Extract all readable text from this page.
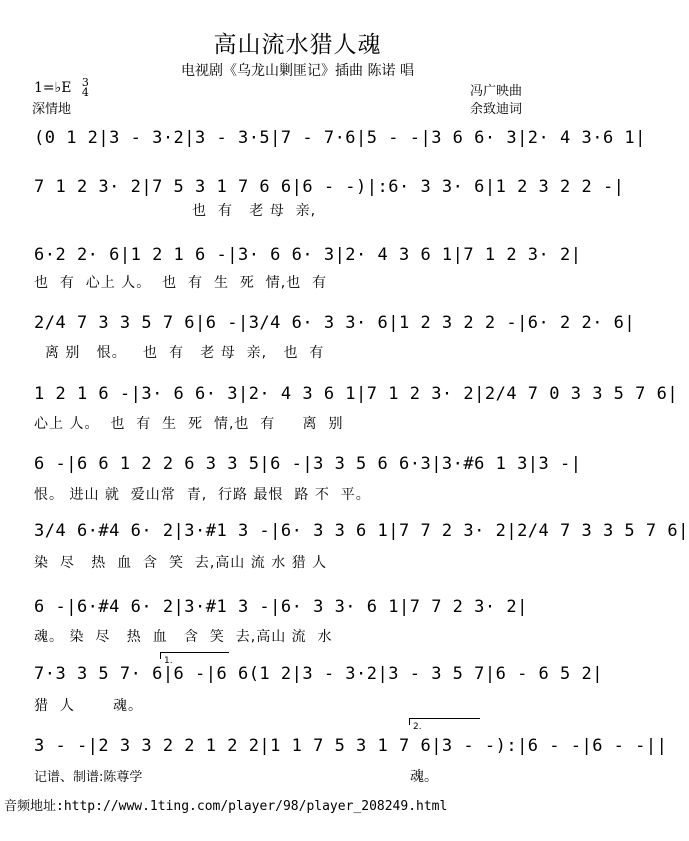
高山流水猎人魂
电视剧《乌龙山剿匪记》插曲 陈诺 唱
1=♭E 3
4
深情地
冯广映曲
余致迪词
(0 1 2|3 - 3·2|3 - 3·5|7 - 7·6|5 - -|3 6 6· 3|2· 4 3·6 1|
7 1 2 3· 2|7 5 3 1 7 6 6|6 - -)|:6· 3 3· 6|1 2 3 2 2 -|
也  有   老 母  亲,
6·2 2· 6|1 2 1 6 -|3· 6 6· 3|2· 4 3 6 1|7 1 2 3· 2|
也  有  心上 人。  也  有  生  死  情,也  有
2/4 7 3 3 5 7 6|6 -|3/4 6· 3 3· 6|1 2 3 2 2 -|6· 2 2· 6|
离 别   恨。   也  有   老 母  亲,   也  有
1 2 1 6 -|3· 6 6· 3|2· 4 3 6 1|7 1 2 3· 2|2/4 7 0 3 3 5 7 6|
心上 人。  也  有  生  死  情,也  有     离  别
6 -|6 6 1 2 2 6 3 3 5|6 -|3 3 5 6 6·3|3·#6 1 3|3 -|
恨。 进山 就  爱山常  青,  行路 最恨  路 不  平。
3/4 6·#4 6· 2|3·#1 3 -|6· 3 3 6 1|7 7 2 3· 2|2/4 7 3 3 5 7 6|
染  尽   热  血  含  笑  去,高山 流 水 猎 人
6 -|6·#4 6· 2|3·#1 3 -|6· 3 3· 6 1|7 7 2 3· 2|
魂。 染  尽   热  血   含  笑  去,高山 流  水
1.
7·3 3 5 7· 6|6 -|6 6(1 2|3 - 3·2|3 - 3 5 7|6 - 6 5 2|
猎  人       魂。
2.
3 - -|2 3 3 2 2 1 2 2|1 1 7 5 3 1 7 6|3 - -):|6 - -|6 - -||
记谱、制谱:陈尊学	魂。
音频地址:http://www.1ting.com/player/98/player_208249.html
